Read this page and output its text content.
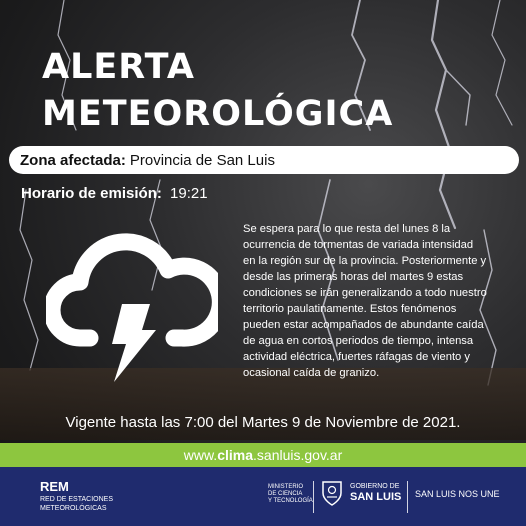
ALERTA
METEOROLÓGICA
Zona afectada: Provincia de San Luis
Horario de emisión: 19:21
Se espera para lo que resta del lunes 8 la ocurrencia de tormentas de variada intensidad en la región sur de la provincia. Posteriormente y desde las primeras horas del martes 9 estas condiciones se irán generalizando a todo nuestro territorio paulatinamente. Estos fenómenos pueden estar acompañados de abundante caída de agua en cortos periodos de tiempo, intensa actividad eléctrica, fuertes ráfagas de viento y ocasional caída de granizo.
Vigente hasta las 7:00 del Martes 9 de Noviembre de 2021.
www. clima .sanluis.gov.ar
REM
RED DE ESTACIONES
METEOROLÓGICAS
MINISTERIO
DE CIENCIA
Y TECNOLOGÍA
GOBIERNO DE
SAN LUIS SAN LUIS NOS UNE
